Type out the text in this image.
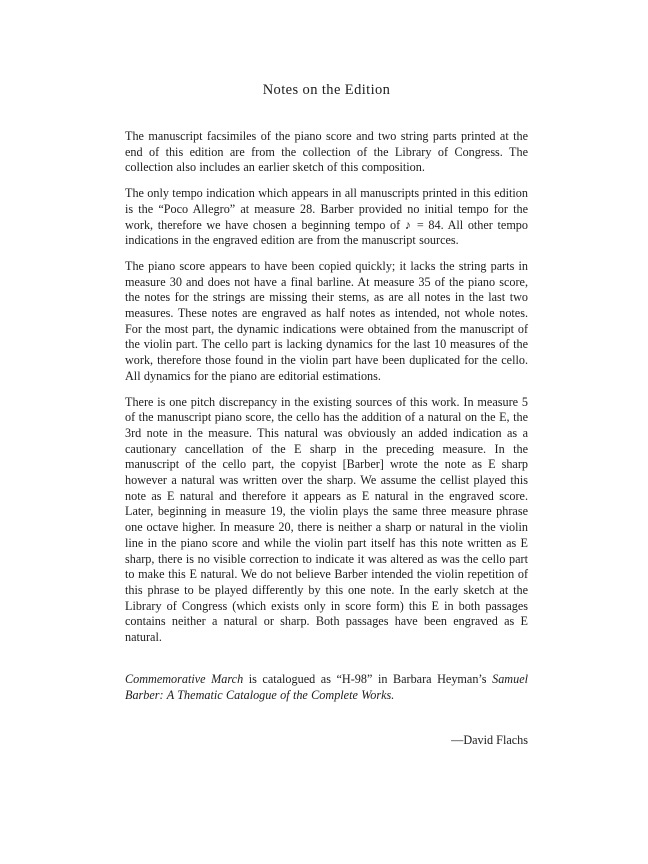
Notes on the Edition

The manuscript facsimiles of the piano score and two string parts printed at the end of this edition are from the collection of the Library of Congress. The collection also includes an earlier sketch of this composition.

The only tempo indication which appears in all manuscripts printed in this edition is the “Poco Allegro” at measure 28. Barber provided no initial tempo for the work, therefore we have chosen a beginning tempo of ♪ = 84. All other tempo indications in the engraved edition are from the manuscript sources.

The piano score appears to have been copied quickly; it lacks the string parts in measure 30 and does not have a final barline. At measure 35 of the piano score, the notes for the strings are missing their stems, as are all notes in the last two measures. These notes are engraved as half notes as intended, not whole notes. For the most part, the dynamic indications were obtained from the manuscript of the violin part. The cello part is lacking dynamics for the last 10 measures of the work, therefore those found in the violin part have been duplicated for the cello. All dynamics for the piano are editorial estimations.

There is one pitch discrepancy in the existing sources of this work. In measure 5 of the manuscript piano score, the cello has the addition of a natural on the E, the 3rd note in the measure. This natural was obviously an added indication as a cautionary cancellation of the E sharp in the preceding measure. In the manuscript of the cello part, the copyist [Barber] wrote the note as E sharp however a natural was written over the sharp. We assume the cellist played this note as E natural and therefore it appears as E natural in the engraved score. Later, beginning in measure 19, the violin plays the same three measure phrase one octave higher. In measure 20, there is neither a sharp or natural in the violin line in the piano score and while the violin part itself has this note written as E sharp, there is no visible correction to indicate it was altered as was the cello part to make this E natural. We do not believe Barber intended the violin repetition of this phrase to be played differently by this one note. In the early sketch at the Library of Congress (which exists only in score form) this E in both passages contains neither a natural or sharp. Both passages have been engraved as E natural.

Commemorative March is catalogued as “H-98” in Barbara Heyman’s Samuel Barber: A Thematic Catalogue of the Complete Works.

—David Flachs
